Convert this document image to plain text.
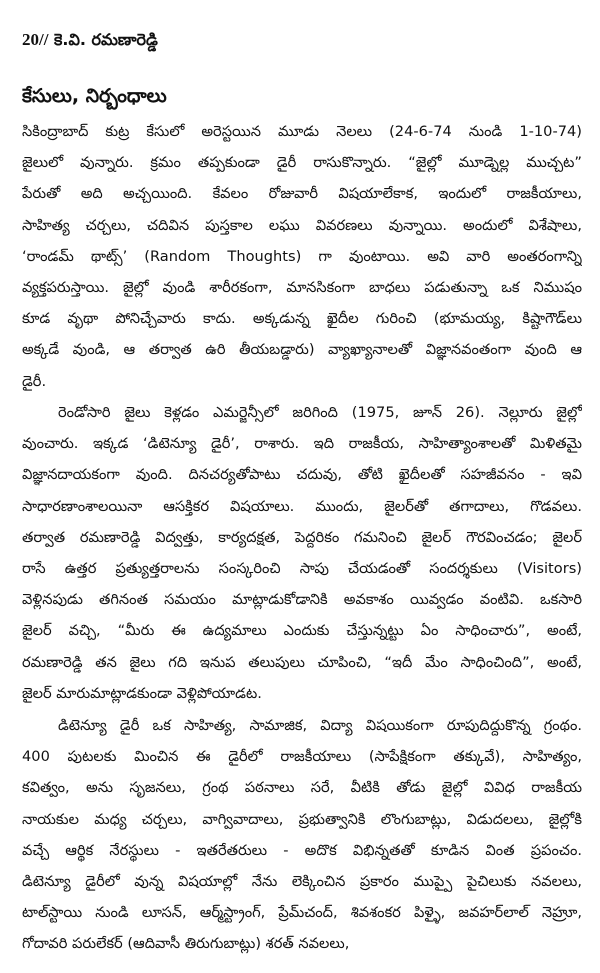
20// కె.వి. రమణారెడ్డి
కేసులు, నిర్బంధాలు
సికింద్రాబాద్ కుట్ర కేసులో అరెస్టయిన మూడు నెలలు (24-6-74 నుండి 1-10-74)
జైలులో వున్నారు. క్రమం తప్పకుండా డైరీ రాసుకొన్నారు. “జైల్లో మూడ్నెల్ల ముచ్చట”
పేరుతో అది అచ్చయింది. కేవలం రోజువారీ విషయాలేకాక, ఇందులో రాజకీయాలు,
సాహిత్య చర్చలు, చదివిన పుస్తకాల లఘు వివరణలు వున్నాయి. అందులో విశేషాలు,
‘రాండమ్ థాట్స్’ (Random Thoughts) గా వుంటాయి. అవి వారి అంతరంగాన్ని
వ్యక్తపరుస్తాయి. జైల్లో వుండి శారీరకంగా, మానసికంగా బాధలు పడుతున్నా ఒక నిముషం
కూడ వృథా పోనిచ్చేవారు కాదు. అక్కడున్న ఖైదీల గురించి (భూమయ్య, కిష్టాగౌడ్‌లు
అక్కడే వుండి, ఆ తర్వాత ఉరి తీయబడ్డారు) వ్యాఖ్యానాలతో విజ్ఞానవంతంగా వుంది ఆ
డైరీ.
రెండోసారి జైలు కెళ్లడం ఎమర్జెన్సీలో జరిగింది (1975, జూన్ 26). నెల్లూరు జైల్లో
వుంచారు. ఇక్కడ ‘డిటెన్యూ డైరీ’, రాశారు. ఇది రాజకీయ, సాహిత్యాంశాలతో మిళితమై
విజ్ఞానదాయకంగా వుంది. దినచర్యతోపాటు చదువు, తోటి ఖైదీలతో సహజీవనం - ఇవి
సాధారణాంశాలయినా ఆసక్తికర విషయాలు. ముందు, జైలర్‌తో తగాదాలు, గొడవలు.
తర్వాత రమణారెడ్డి విద్వత్తు, కార్యదక్షత, పెద్దరికం గమనించి జైలర్ గౌరవించడం; జైలర్
రాసే ఉత్తర ప్రత్యుత్తరాలను సంస్కరించి సాపు చేయడంతో సందర్శకులు (Visitors)
వెళ్లినపుడు తగినంత సమయం మాట్లాడుకోడానికి అవకాశం యివ్వడం వంటివి. ఒకసారి
జైలర్ వచ్చి, “మీరు ఈ ఉద్యమాలు ఎందుకు చేస్తున్నట్టు ఏం సాధించారు”, అంటే,
రమణారెడ్డి తన జైలు గది ఇనుప తలుపులు చూపించి, “ఇదీ మేం సాధించింది”, అంటే,
జైలర్ మారుమాట్లాడకుండా వెళ్లిపోయాడట.
డిటెన్యూ డైరీ ఒక సాహిత్య, సామాజిక, విద్యా విషయికంగా రూపుదిద్దుకొన్న గ్రంథం.
400 పుటలకు మించిన ఈ డైరీలో రాజకీయాలు (సాపేక్షికంగా తక్కువే), సాహిత్యం,
కవిత్వం, అను సృజనలు, గ్రంథ పఠనాలు సరే, వీటికి తోడు జైల్లో వివిధ రాజకీయ
నాయకుల మధ్య చర్చలు, వాగ్వివాదాలు, ప్రభుత్వానికి లొంగుబాట్లు, విడుదలలు, జైల్లోకి
వచ్చే ఆర్థిక నేరస్థులు - ఇతరేతరులు - అదొక విభిన్నతతో కూడిన వింత ప్రపంచం.
డిటెన్యూ డైరీలో వున్న విషయాల్లో నేను లెక్కించిన ప్రకారం ముప్పై పైచిలుకు నవలలు,
టాల్‌స్టాయి నుండి లూసన్, ఆర్మ్‌స్ట్రాంగ్, ప్రేమ్‌చంద్, శివశంకర పిళ్ళై, జవహర్‌లాల్ నెహ్రూ,
గోదావరి పరులేకర్ (ఆదివాసీ తిరుగుబాట్లు) శరత్ నవలలు,
